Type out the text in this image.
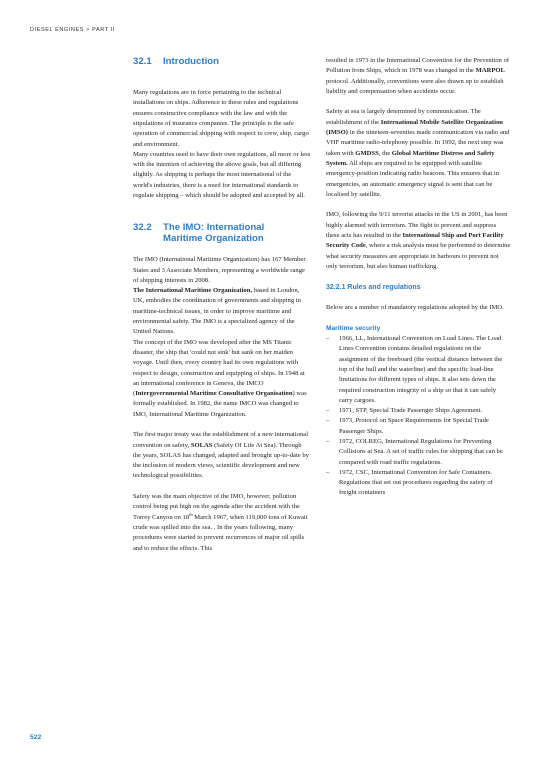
DIESEL ENGINES > PART II
32.1 Introduction

Many regulations are in force pertaining to the technical installations on ships. Adherence to these rules and regulations ensures constructive compliance with the law and with the stipulations of insurance companies. The principle is the safe operation of commercial shipping with respect to crew, ship, cargo and environment.

Many countries used to have their own regulations, all more or less with the intention of achieving the above goals, but all differing slightly. As shipping is perhaps the most international of the world's industries, there is a need for international standards to regulate shipping – which should be adopted and accepted by all.

32.2 The IMO: International
Maritime Organization

The IMO (International Maritime Organization) has 167 Member States and 3 Associate Members, representing a worldwide range of shipping interests in 2008.

The International Maritime Organization, based in London, UK, embodies the coordination of governments and shipping in maritime-technical issues, in order to improve maritime and environmental safety. The IMO is a specialized agency of the United Nations.

The concept of the IMO was developed after the MS Titanic disaster, the ship that 'could not sink' but sank on her maiden voyage. Until then, every country had its own regulations with respect to design, construction and equipping of ships. In 1948 at an international conference in Geneva, the IMCO (Intergovernmental Maritime Consultative Organisation) was formally established. In 1982, the name IMCO was changed to IMO, International Maritime Organization.

The first major treaty was the establishment of a new international convention on safety, SOLAS (Safety Of Life At Sea). Through the years, SOLAS has changed, adapted and brought up-to-date by the inclusion of modern views, scientific development and new technological possibilities.

Safety was the main objective of the IMO, however, pollution control being put high on the agenda after the accident with the Torrey Canyon on 18th March 1967, when 119,000 tons of Kuwait crude was spilled into the sea. . In the years following, many procedures were started to prevent recurrences of major oil spills and to reduce the effects. This

resulted in 1973 in the International Convention for the Prevention of Pollution from Ships, which in 1978 was changed in the MARPOL protocol. Additionally, conventions were also drawn up to establish liability and compensation when accidents occur.

Safety at sea is largely determined by communication. The establishment of the International Mobile Satellite Organization (IMSO) in the nineteen-seventies made communication via radio and VHF maritime radio-telephony possible. In 1992, the next step was taken with GMDSS, the Global Maritime Distress and Safety System. All ships are required to be equipped with satellite emergency-position indicating radio beacons. This ensures that in emergencies, an automatic emergency signal is sent that can be localised by satellite.

IMO, following the 9/11 terrorist attacks in the US in 2001, has been highly alarmed with terrorism. The fight to prevent and suppress these acts has resulted in the International Ship and Port Facility Security Code, where a risk analysis must be performed to determine what security measures are appropriate in harbours to prevent not only terrorism, but also human trafficking.

32.2.1 Rules and regulations

Below are a number of mandatory regulations adopted by the IMO.

Maritime security
– 1966, LL, International Convention on Load Lines. The Load Lines Convention contains detailed regulations on the assignment of the freeboard (the vertical distance between the top of the hull and the waterline) and the specific load-line limitations for different types of ships. It also sets down the required construction integrity of a ship so that it can safely carry cargoes.
– 1971, STP, Special Trade Passenger Ships Agreement.
– 1973, Protocol on Space Requirements for Special Trade Passenger Ships.
– 1972, COLREG, International Regulations for Preventing Collisions at Sea. A set of traffic rules for shipping that can be compared with road traffic regulations.
– 1972, CSC, International Convention for Safe Containers. Regulations that set out procedures regarding the safety of freight containers
522
